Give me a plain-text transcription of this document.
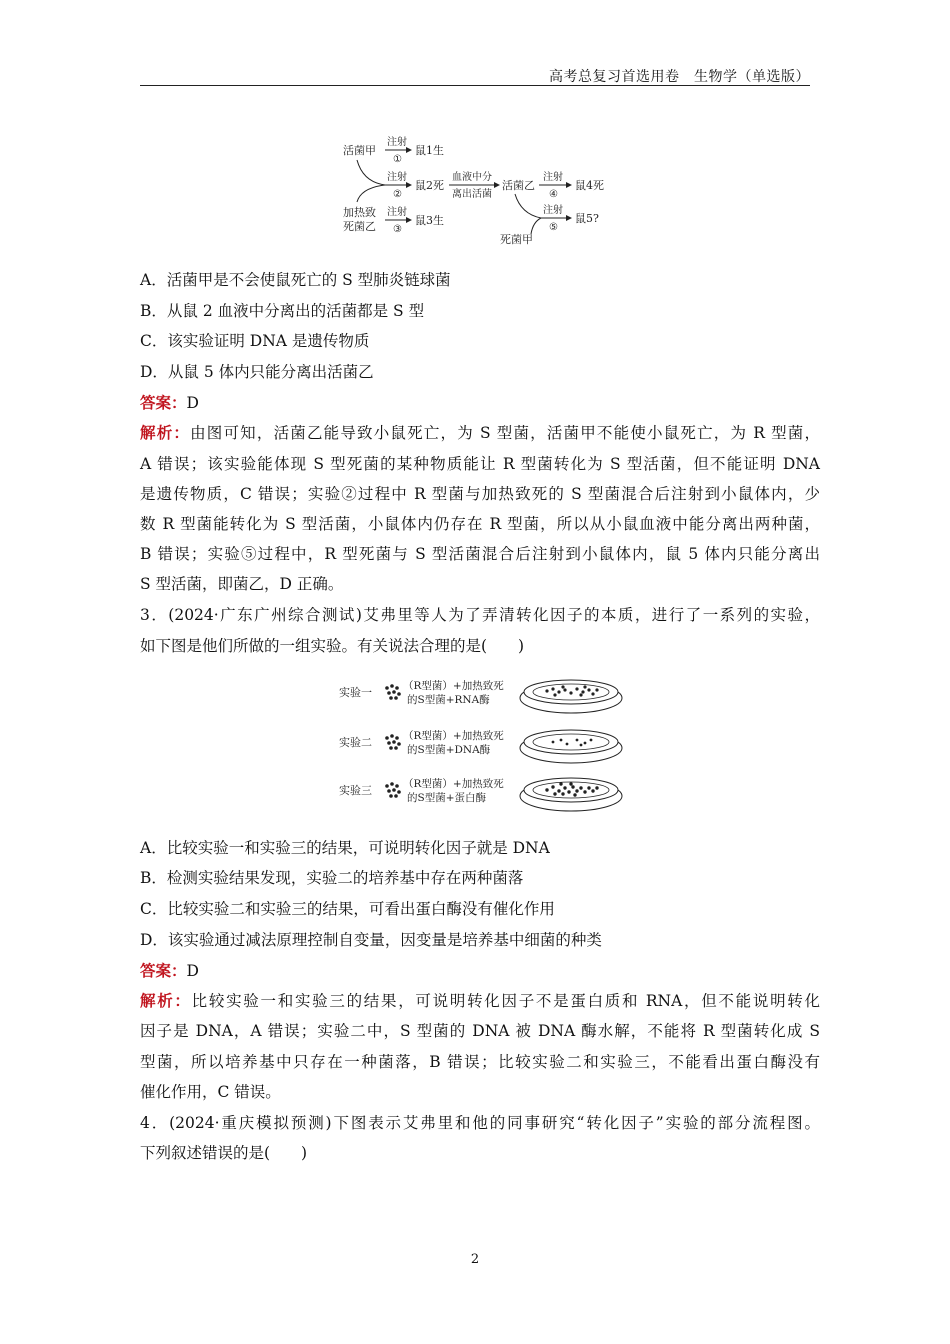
高考总复习首选用卷　生物学（单选版）
活菌甲
注射
①
鼠1生
注射
②
鼠2死
血液中分
离出活菌
活菌乙
注射
④
鼠4死
加热致
死菌乙
注射
③
鼠3生
注射
⑤
鼠5?
死菌甲
A．活菌甲是不会使鼠死亡的 S 型肺炎链球菌
B．从鼠 2 血液中分离出的活菌都是 S 型
C．该实验证明 DNA 是遗传物质
D．从鼠 5 体内只能分离出活菌乙
答案：D
解析：由图可知，活菌乙能导致小鼠死亡，为 S 型菌，活菌甲不能使小鼠死亡，为 R 型菌，
A 错误；该实验能体现 S 型死菌的某种物质能让 R 型菌转化为 S 型活菌，但不能证明 DNA
是遗传物质，C 错误；实验②过程中 R 型菌与加热致死的 S 型菌混合后注射到小鼠体内，少
数 R 型菌能转化为 S 型活菌，小鼠体内仍存在 R 型菌，所以从小鼠血液中能分离出两种菌，
B 错误；实验⑤过程中，R 型死菌与 S 型活菌混合后注射到小鼠体内，鼠 5 体内只能分离出
S 型活菌，即菌乙，D 正确。
3．(2024·广东广州综合测试)艾弗里等人为了弄清转化因子的本质，进行了一系列的实验，
如下图是他们所做的一组实验。有关说法合理的是(　　)
实验一	（R型菌）+加热致死
的S型菌+RNA酶
实验二	（R型菌）+加热致死
的S型菌+DNA酶
实验三	（R型菌）+加热致死
的S型菌+蛋白酶
A．比较实验一和实验三的结果，可说明转化因子就是 DNA
B．检测实验结果发现，实验二的培养基中存在两种菌落
C．比较实验二和实验三的结果，可看出蛋白酶没有催化作用
D．该实验通过减法原理控制自变量，因变量是培养基中细菌的种类
答案：D
解析：比较实验一和实验三的结果，可说明转化因子不是蛋白质和 RNA，但不能说明转化
因子是 DNA，A 错误；实验二中，S 型菌的 DNA 被 DNA 酶水解，不能将 R 型菌转化成 S
型菌，所以培养基中只存在一种菌落，B 错误；比较实验二和实验三，不能看出蛋白酶没有
催化作用，C 错误。
4．(2024·重庆模拟预测)下图表示艾弗里和他的同事研究“转化因子”实验的部分流程图。
下列叙述错误的是(　　)
2
